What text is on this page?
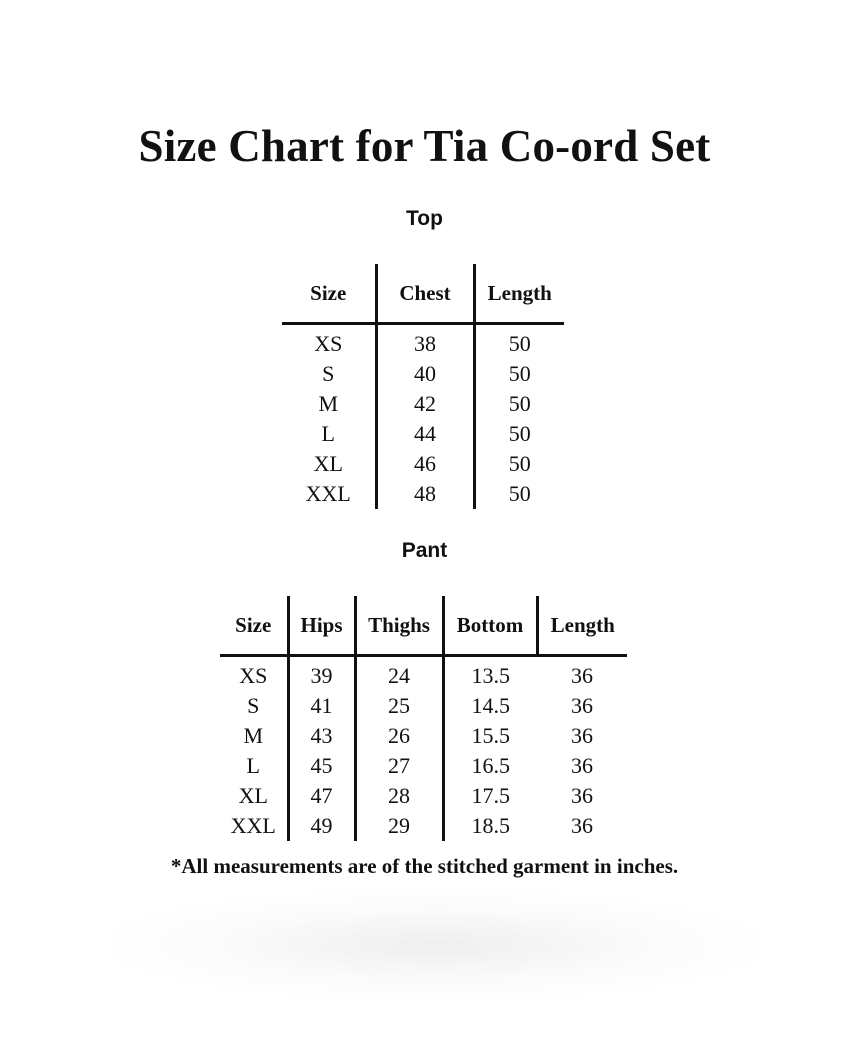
Size Chart for Tia Co-ord Set
Top
Size	Chest	Length
XS	38	50
S	40	50
M	42	50
L	44	50
XL	46	50
XXL	48	50
Pant
Size	Hips	Thighs	Bottom	Length
XS	39	24	13.5	36
S	41	25	14.5	36
M	43	26	15.5	36
L	45	27	16.5	36
XL	47	28	17.5	36
XXL	49	29	18.5	36

*All measurements are of the stitched garment in inches.
